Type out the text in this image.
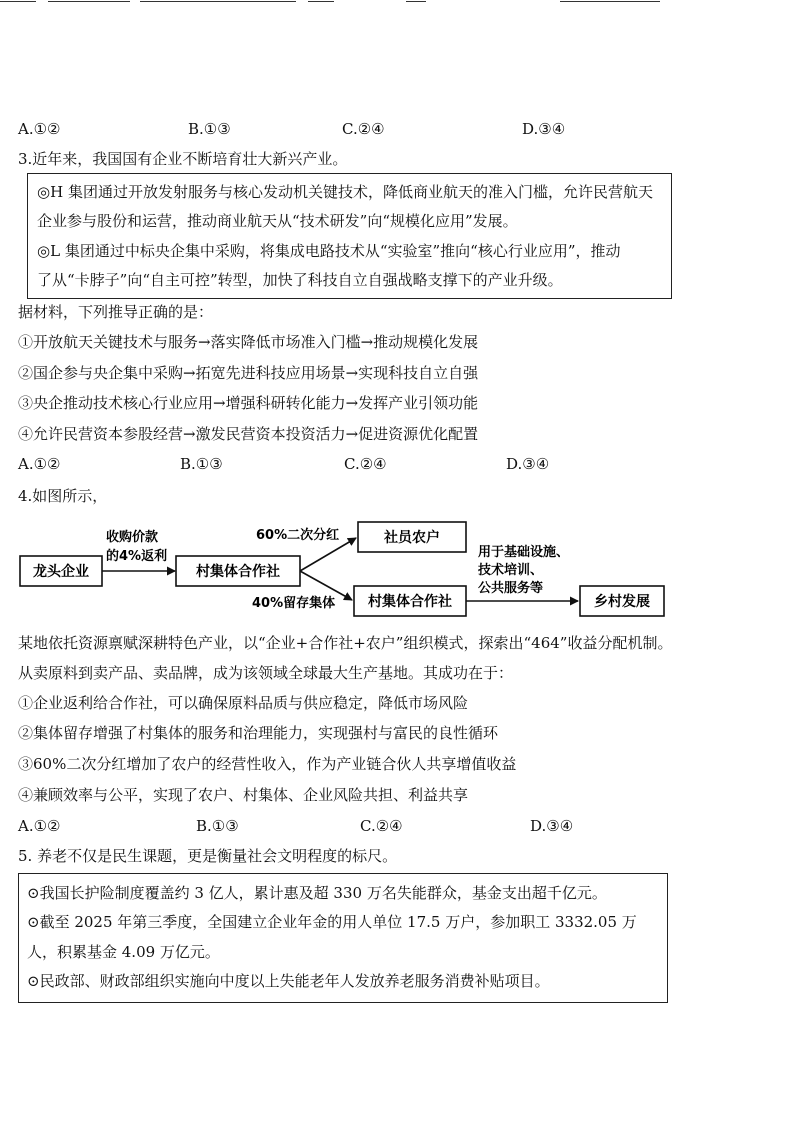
A.①②	B.①③	C.②④	D.③④
3.近年来，我国国有企业不断培育壮大新兴产业。
◎H 集团通过开放发射服务与核心发动机关键技术，降低商业航天的准入门槛，允许民营航天
企业参与股份和运营，推动商业航天从“技术研发”向“规模化应用”发展。
◎L 集团通过中标央企集中采购，将集成电路技术从“实验室”推向“核心行业应用”，推动
了从“卡脖子”向“自主可控”转型，加快了科技自立自强战略支撑下的产业升级。
据材料，下列推导正确的是：
①开放航天关键技术与服务→落实降低市场准入门槛→推动规模化发展
②国企参与央企集中采购→拓宽先进科技应用场景→实现科技自立自强
③央企推动技术核心行业应用→增强科研转化能力→发挥产业引领功能
④允许民营资本参股经营→激发民营资本投资活力→促进资源优化配置
A.①②	B.①③	C.②④	D.③④
4.如图所示，
龙头企业	村集体合作社
社员农户
村集体合作社	乡村发展
收购价款
的4%返利
60%二次分红
40%留存集体
用于基础设施、
技术培训、
公共服务等
某地依托资源禀赋深耕特色产业，以“企业+合作社+农户”组织模式，探索出“464”收益分配机制。
从卖原料到卖产品、卖品牌，成为该领域全球最大生产基地。其成功在于：
①企业返利给合作社，可以确保原料品质与供应稳定，降低市场风险
②集体留存增强了村集体的服务和治理能力，实现强村与富民的良性循环
③60%二次分红增加了农户的经营性收入，作为产业链合伙人共享增值收益
④兼顾效率与公平，实现了农户、村集体、企业风险共担、利益共享
A.①②	B.①③	C.②④	D.③④
5. 养老不仅是民生课题，更是衡量社会文明程度的标尺。
⊙我国长护险制度覆盖约 3 亿人，累计惠及超 330 万名失能群众，基金支出超千亿元。
⊙截至 2025 年第三季度，全国建立企业年金的用人单位 17.5 万户，参加职工 3332.05 万
人，积累基金 4.09 万亿元。
⊙民政部、财政部组织实施向中度以上失能老年人发放养老服务消费补贴项目。
